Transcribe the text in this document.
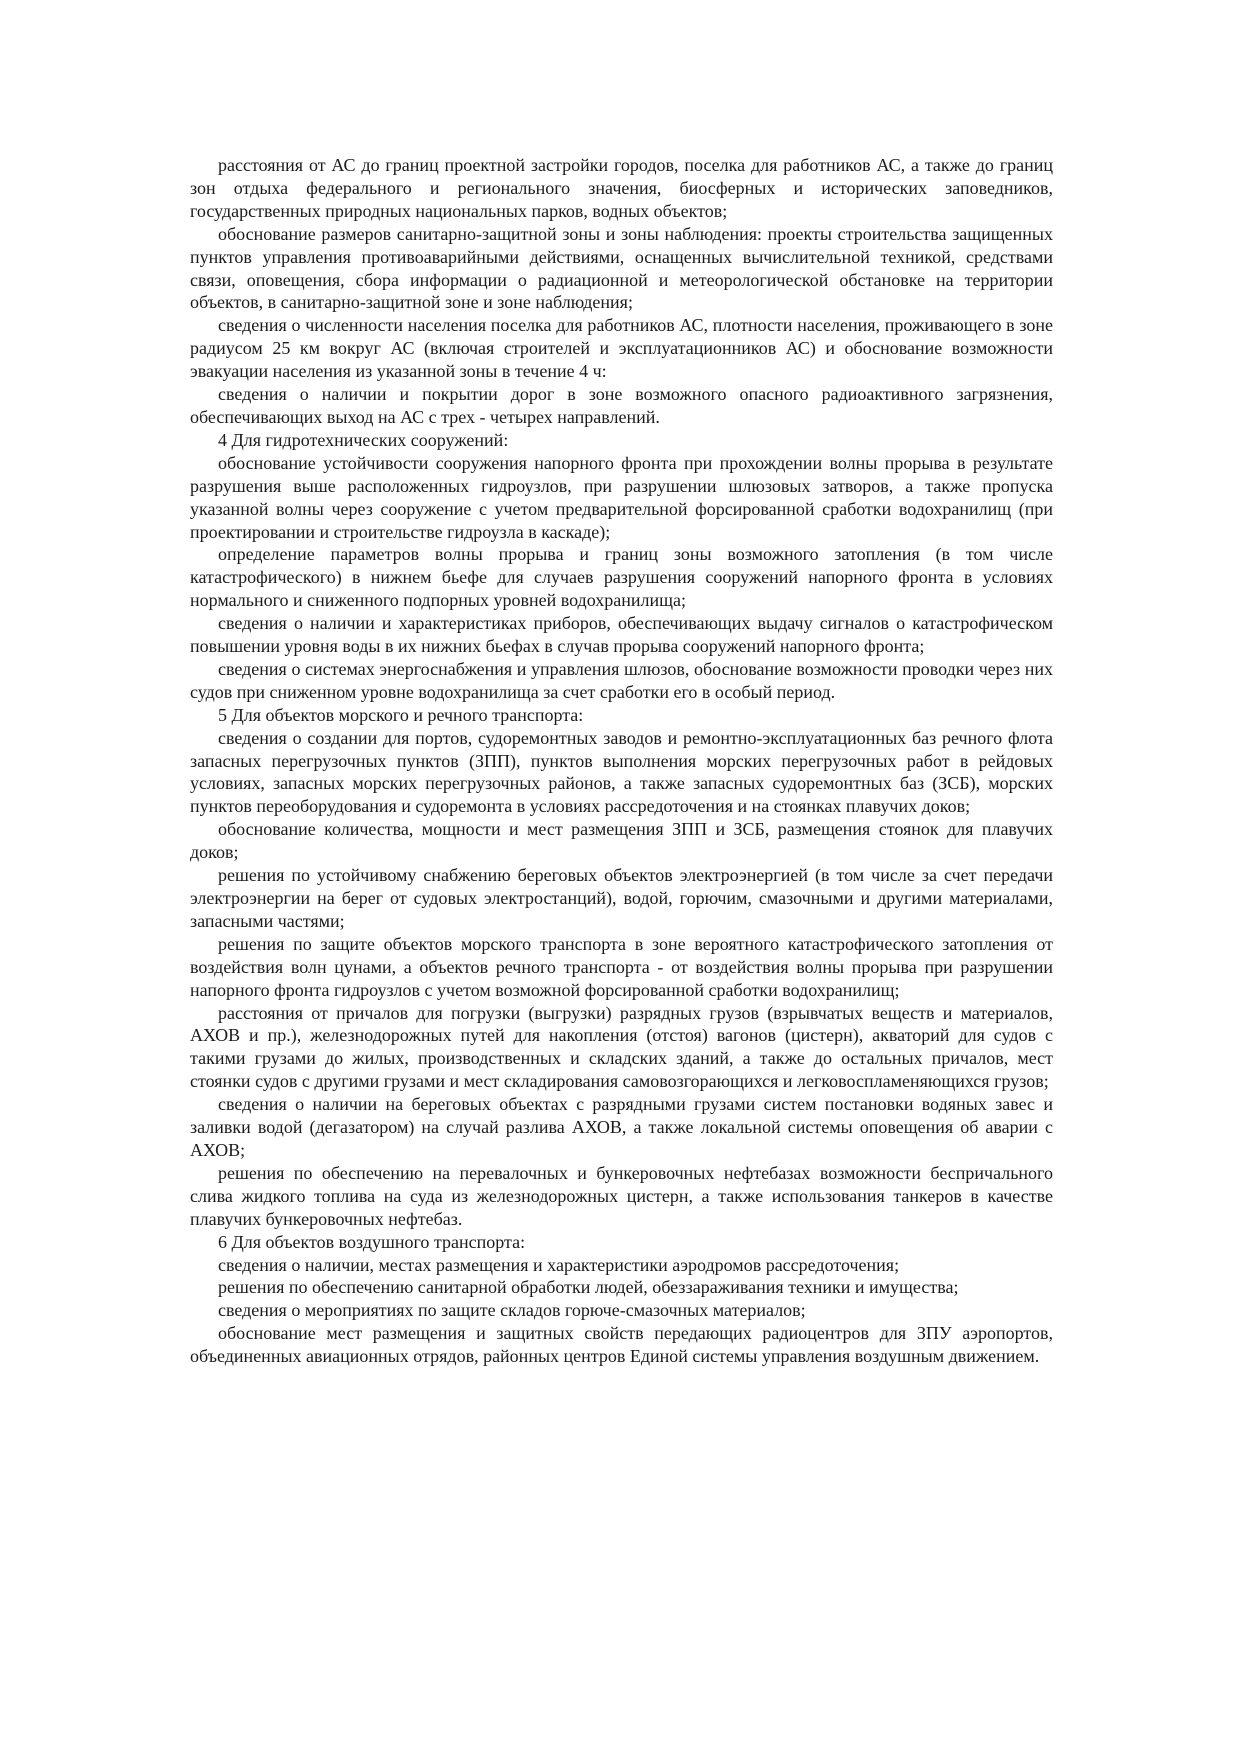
расстояния от АС до границ проектной застройки городов, поселка для работников АС, а также до границ зон отдыха федерального и регионального значения, биосферных и исторических заповедников, государственных природных национальных парков, водных объектов;

обоснование размеров санитарно-защитной зоны и зоны наблюдения: проекты строительства защищенных пунктов управления противоаварийными действиями, оснащенных вычислительной техникой, средствами связи, оповещения, сбора информации о радиационной и метеорологической обстановке на территории объектов, в санитарно-защитной зоне и зоне наблюдения;

сведения о численности населения поселка для работников АС, плотности населения, проживающего в зоне радиусом 25 км вокруг АС (включая строителей и эксплуатационников АС) и обоснование возможности эвакуации населения из указанной зоны в течение 4 ч:

сведения о наличии и покрытии дорог в зоне возможного опасного радиоактивного загрязнения, обеспечивающих выход на АС с трех - четырех направлений.

4 Для гидротехнических сооружений:

обоснование устойчивости сооружения напорного фронта при прохождении волны прорыва в результате разрушения выше расположенных гидроузлов, при разрушении шлюзовых затворов, а также пропуска указанной волны через сооружение с учетом предварительной форсированной сработки водохранилищ (при проектировании и строительстве гидроузла в каскаде);

определение параметров волны прорыва и границ зоны возможного затопления (в том числе катастрофического) в нижнем бьефе для случаев разрушения сооружений напорного фронта в условиях нормального и сниженного подпорных уровней водохранилища;

сведения о наличии и характеристиках приборов, обеспечивающих выдачу сигналов о катастрофическом повышении уровня воды в их нижних бьефах в случав прорыва сооружений напорного фронта;

сведения о системах энергоснабжения и управления шлюзов, обоснование возможности проводки через них судов при сниженном уровне водохранилища за счет сработки его в особый период.

5 Для объектов морского и речного транспорта:

сведения о создании для портов, судоремонтных заводов и ремонтно-эксплуатационных баз речного флота запасных перегрузочных пунктов (ЗПП), пунктов выполнения морских перегрузочных работ в рейдовых условиях, запасных морских перегрузочных районов, а также запасных судоремонтных баз (ЗСБ), морских пунктов переоборудования и судоремонта в условиях рассредоточения и на стоянках плавучих доков;

обоснование количества, мощности и мест размещения ЗПП и ЗСБ, размещения стоянок для плавучих доков;

решения по устойчивому снабжению береговых объектов электроэнергией (в том числе за счет передачи электроэнергии на берег от судовых электростанций), водой, горючим, смазочными и другими материалами, запасными частями;

решения по защите объектов морского транспорта в зоне вероятного катастрофического затопления от воздействия волн цунами, а объектов речного транспорта - от воздействия волны прорыва при разрушении напорного фронта гидроузлов с учетом возможной форсированной сработки водохранилищ;

расстояния от причалов для погрузки (выгрузки) разрядных грузов (взрывчатых веществ и материалов, АХОВ и пр.), железнодорожных путей для накопления (отстоя) вагонов (цистерн), акваторий для судов с такими грузами до жилых, производственных и складских зданий, а также до остальных причалов, мест стоянки судов с другими грузами и мест складирования самовозгорающихся и легковоспламеняющихся грузов;

сведения о наличии на береговых объектах с разрядными грузами систем постановки водяных завес и заливки водой (дегазатором) на случай разлива АХОВ, а также локальной системы оповещения об аварии с АХОВ;

решения по обеспечению на перевалочных и бункеровочных нефтебазах возможности беспричального слива жидкого топлива на суда из железнодорожных цистерн, а также использования танкеров в качестве плавучих бункеровочных нефтебаз.

6 Для объектов воздушного транспорта:

сведения о наличии, местах размещения и характеристики аэродромов рассредоточения;

решения по обеспечению санитарной обработки людей, обеззараживания техники и имущества;

сведения о мероприятиях по защите складов горюче-смазочных материалов;

обоснование мест размещения и защитных свойств передающих радиоцентров для ЗПУ аэропортов, объединенных авиационных отрядов, районных центров Единой системы управления воздушным движением.
